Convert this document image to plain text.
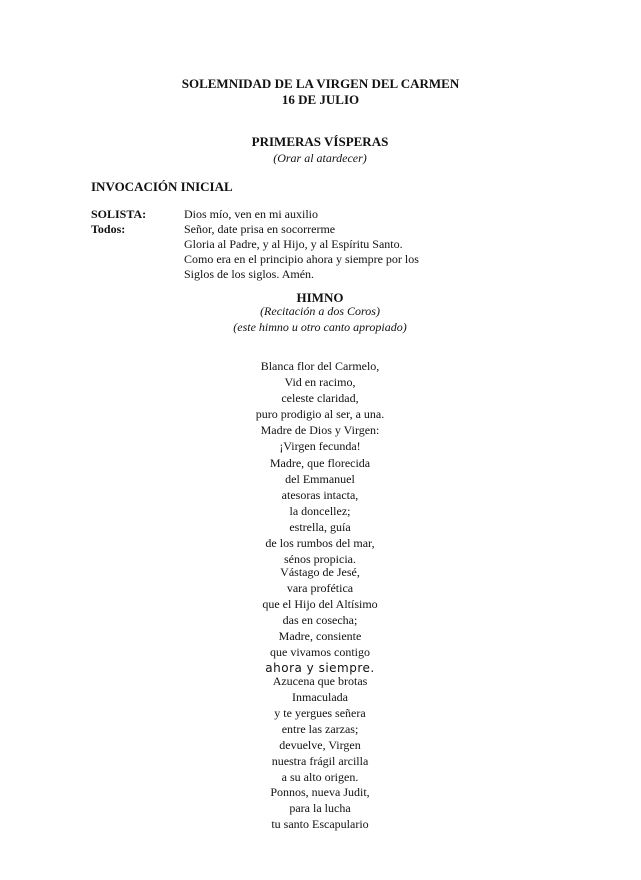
SOLEMNIDAD DE LA VIRGEN DEL CARMEN
16 DE JULIO
PRIMERAS VÍSPERAS
(Orar al atardecer)
INVOCACIÓN INICIAL
SOLISTA:	Dios mío, ven en mi auxilio
Todos:	Señor, date prisa en socorrerme
Gloria al Padre, y al Hijo, y al Espíritu Santo.
Como era en el principio ahora y siempre por los
Siglos de los siglos. Amén.
HIMNO
(Recitación a dos Coros)
(este himno u otro canto apropiado)
Blanca flor del Carmelo,
Vid en racimo,
celeste claridad,
puro prodigio al ser, a una.
Madre de Dios y Virgen:
¡Virgen fecunda!
Madre, que florecida
del Emmanuel
atesoras intacta,
la doncellez;
estrella, guía
de los rumbos del mar,
sénos propicia.
Vástago de Jesé,
vara profética
que el Hijo del Altísimo
das en cosecha;
Madre, consiente
que vivamos contigo
ahora y siempre.
Azucena que brotas
Inmaculada
y te yergues señera
entre las zarzas;
devuelve, Virgen
nuestra frágil arcilla
a su alto origen.
Ponnos, nueva Judit,
para la lucha
tu santo Escapulario
